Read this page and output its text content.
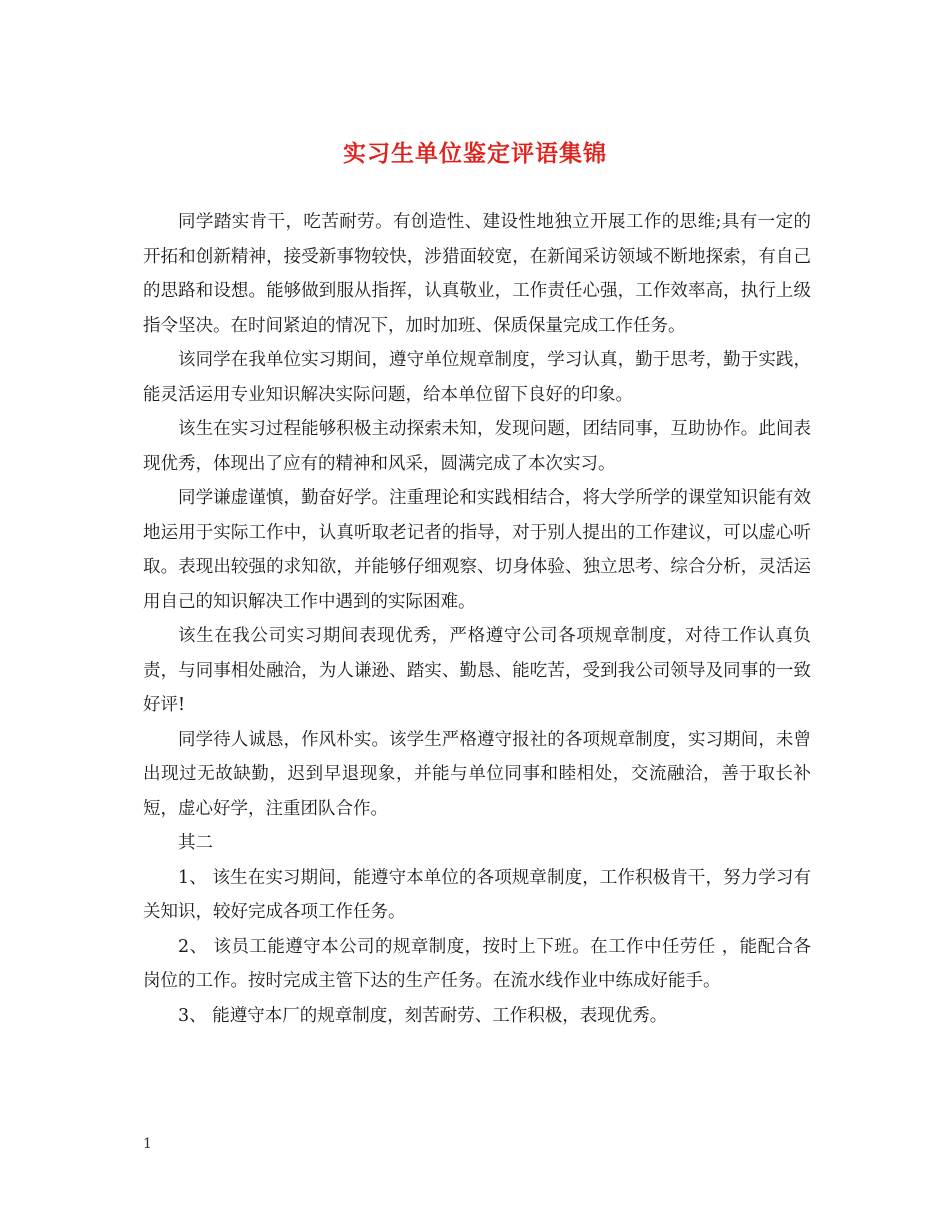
实习生单位鉴定评语集锦

同学踏实肯干，吃苦耐劳。有创造性、建设性地独立开展工作的思维;具有一定的开拓和创新精神，接受新事物较快，涉猎面较宽，在新闻采访领域不断地探索，有自己的思路和设想。能够做到服从指挥，认真敬业，工作责任心强，工作效率高，执行上级指令坚决。在时间紧迫的情况下，加时加班、保质保量完成工作任务。

该同学在我单位实习期间，遵守单位规章制度，学习认真，勤于思考，勤于实践，能灵活运用专业知识解决实际问题，给本单位留下良好的印象。

该生在实习过程能够积极主动探索未知，发现问题，团结同事，互助协作。此间表现优秀，体现出了应有的精神和风采，圆满完成了本次实习。

同学谦虚谨慎，勤奋好学。注重理论和实践相结合，将大学所学的课堂知识能有效地运用于实际工作中，认真听取老记者的指导，对于别人提出的工作建议，可以虚心听取。表现出较强的求知欲，并能够仔细观察、切身体验、独立思考、综合分析，灵活运用自己的知识解决工作中遇到的实际困难。

该生在我公司实习期间表现优秀，严格遵守公司各项规章制度，对待工作认真负责，与同事相处融洽，为人谦逊、踏实、勤恳、能吃苦，受到我公司领导及同事的一致好评!

同学待人诚恳，作风朴实。该学生严格遵守报社的各项规章制度，实习期间，未曾出现过无故缺勤，迟到早退现象，并能与单位同事和睦相处，交流融洽，善于取长补短，虚心好学，注重团队合作。

其二

1、 该生在实习期间，能遵守本单位的各项规章制度，工作积极肯干，努力学习有关知识，较好完成各项工作任务。

2、 该员工能遵守本公司的规章制度，按时上下班。在工作中任劳任 ，能配合各岗位的工作。按时完成主管下达的生产任务。在流水线作业中练成好能手。

3、 能遵守本厂的规章制度，刻苦耐劳、工作积极，表现优秀。

1
